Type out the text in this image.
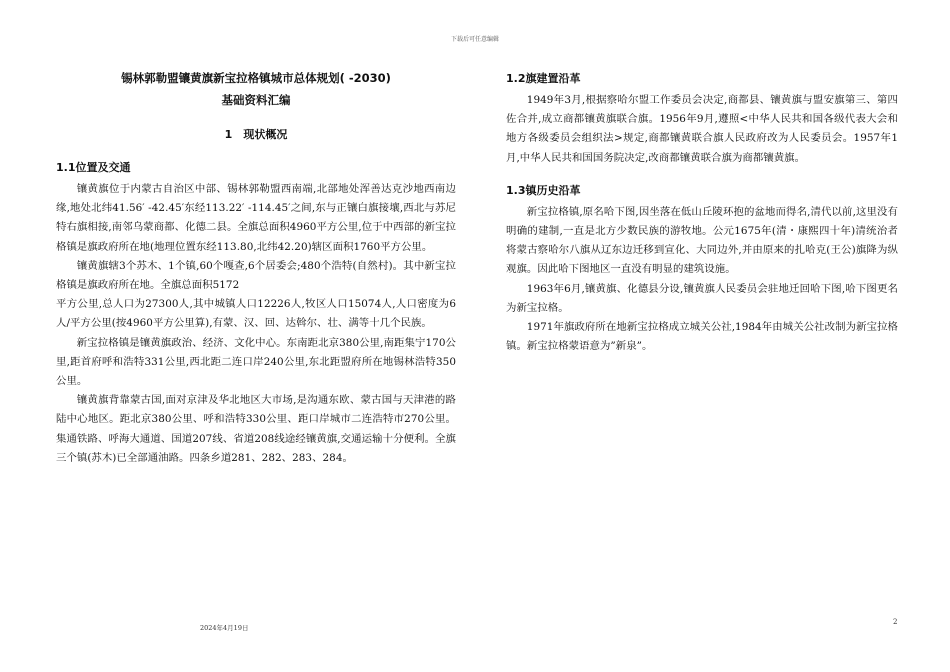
下载后可任意编辑
锡林郭勒盟镶黄旗新宝拉格镇城市总体规划( -2030)
基础资料汇编
1　现状概况
1.1位置及交通

镶黄旗位于内蒙古自治区中部、锡林郭勒盟西南端,北部地处浑善达克沙地西南边缘,地处北纬41.56′ -42.45′东经113.22′ -114.45′之间,东与正镶白旗接壤,西北与苏尼特右旗相接,南邻乌蒙商都、化德二县。全旗总面积4960平方公里,位于中西部的新宝拉格镇是旗政府所在地(地理位置东经113.80,北纬42.20)辖区面积1760平方公里。

镶黄旗辖3个苏木、1个镇,60个嘎查,6个居委会;480个浩特(自然村)。其中新宝拉格镇是旗政府所在地。全旗总面积5172

平方公里,总人口为27300人,其中城镇人口12226人,牧区人口15074人,人口密度为6人/平方公里(按4960平方公里算),有蒙、汉、回、达斡尔、壮、满等十几个民族。

新宝拉格镇是镶黄旗政治、经济、文化中心。东南距北京380公里,南距集宁170公里,距首府呼和浩特331公里,西北距二连口岸240公里,东北距盟府所在地锡林浩特350公里。

镶黄旗背靠蒙古国,面对京津及华北地区大市场,是沟通东欧、蒙古国与天津港的路陆中心地区。距北京380公里、呼和浩特330公里、距口岸城市二连浩特市270公里。集通铁路、呼海大通道、国道207线、省道208线途经镶黄旗,交通运输十分便利。全旗三个镇(苏木)已全部通油路。四条乡道281、282、283、284。

1.2旗建置沿革

1949年3月,根据察哈尔盟工作委员会决定,商都县、镶黄旗与盟安旗第三、第四佐合并,成立商都镶黄旗联合旗。1956年9月,遵照<中华人民共和国各级代表大会和地方各级委员会组织法>规定,商都镶黄联合旗人民政府改为人民委员会。1957年1月,中华人民共和国国务院决定,改商都镶黄联合旗为商都镶黄旗。

1.3镇历史沿革

新宝拉格镇,原名哈下图,因坐落在低山丘陵环抱的盆地而得名,清代以前,这里没有明确的建制,一直是北方少数民族的游牧地。公元1675年(清・康熙四十年)清统治者将蒙古察哈尔八旗从辽东边迁移到宣化、大同边外,并由原来的扎哈克(王公)旗降为纵观旗。因此哈下图地区一直没有明显的建筑设施。

1963年6月,镶黄旗、化德县分设,镶黄旗人民委员会驻地迁回哈下图,哈下图更名为新宝拉格。

1971年旗政府所在地新宝拉格成立城关公社,1984年由城关公社改制为新宝拉格镇。新宝拉格蒙语意为”新泉”。

2024年4月19日
2
